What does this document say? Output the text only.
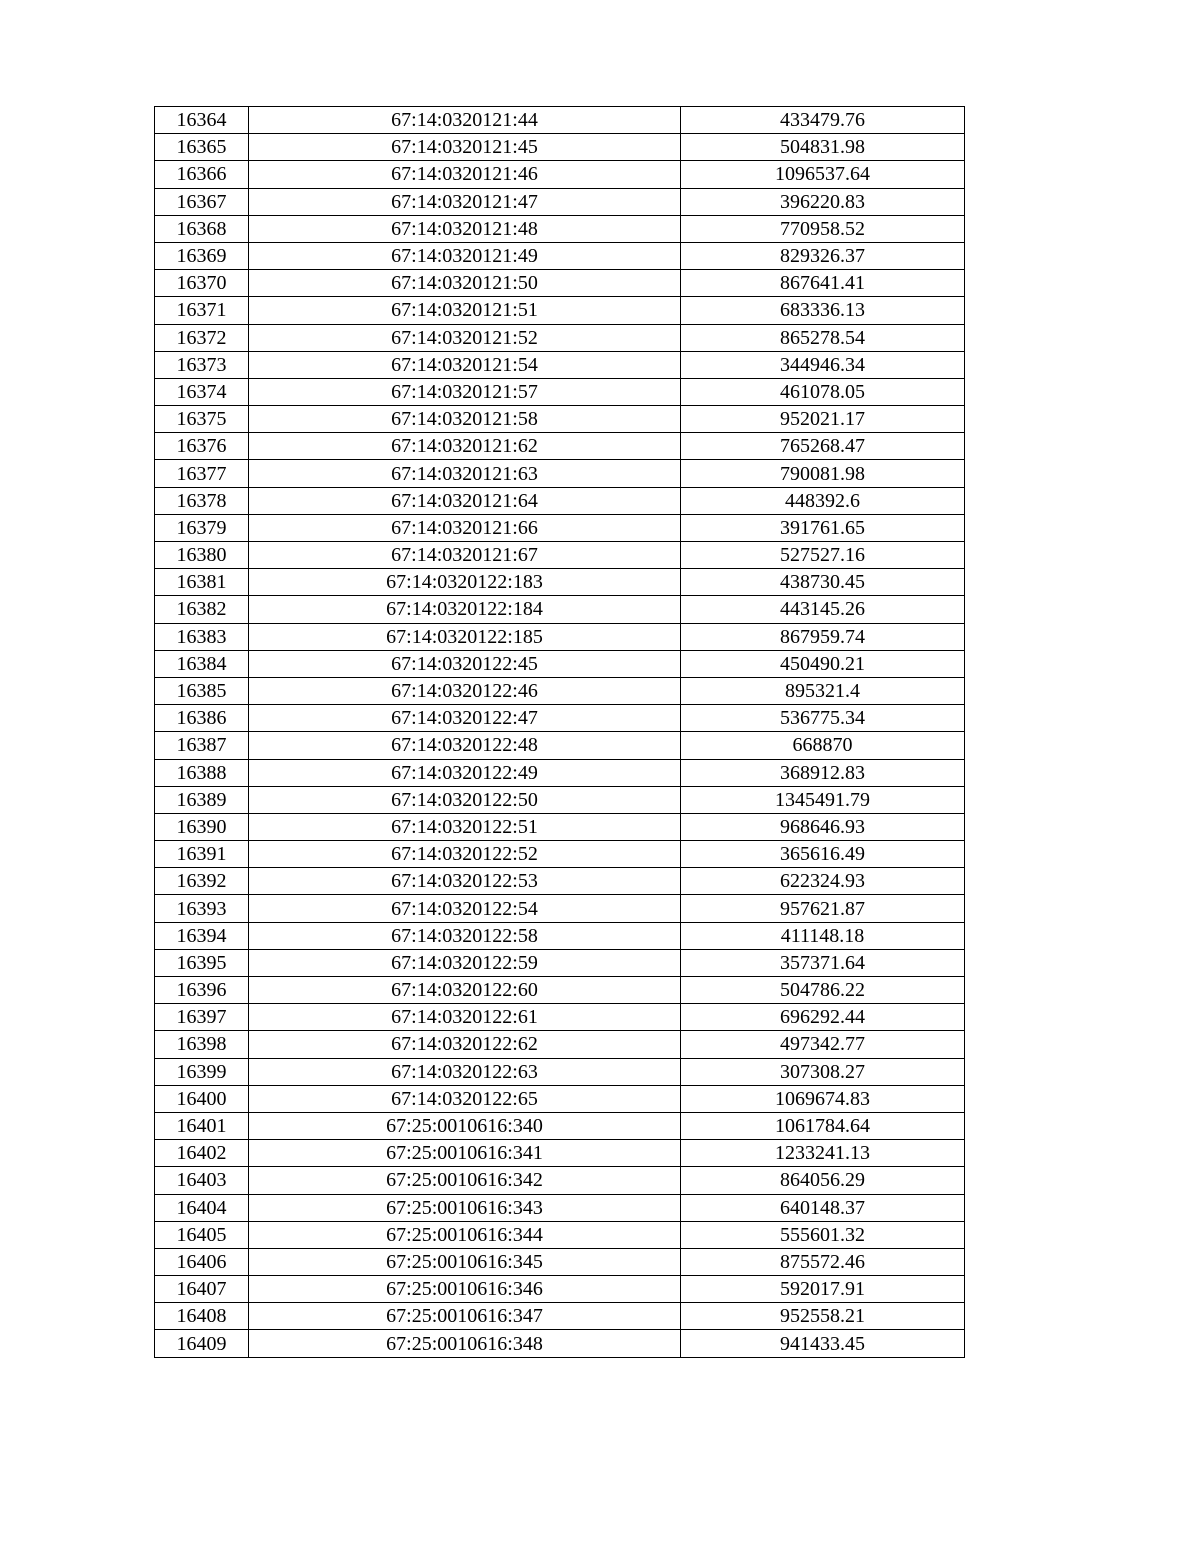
16364	67:14:0320121:44	433479.76
16365	67:14:0320121:45	504831.98
16366	67:14:0320121:46	1096537.64
16367	67:14:0320121:47	396220.83
16368	67:14:0320121:48	770958.52
16369	67:14:0320121:49	829326.37
16370	67:14:0320121:50	867641.41
16371	67:14:0320121:51	683336.13
16372	67:14:0320121:52	865278.54
16373	67:14:0320121:54	344946.34
16374	67:14:0320121:57	461078.05
16375	67:14:0320121:58	952021.17
16376	67:14:0320121:62	765268.47
16377	67:14:0320121:63	790081.98
16378	67:14:0320121:64	448392.6
16379	67:14:0320121:66	391761.65
16380	67:14:0320121:67	527527.16
16381	67:14:0320122:183	438730.45
16382	67:14:0320122:184	443145.26
16383	67:14:0320122:185	867959.74
16384	67:14:0320122:45	450490.21
16385	67:14:0320122:46	895321.4
16386	67:14:0320122:47	536775.34
16387	67:14:0320122:48	668870
16388	67:14:0320122:49	368912.83
16389	67:14:0320122:50	1345491.79
16390	67:14:0320122:51	968646.93
16391	67:14:0320122:52	365616.49
16392	67:14:0320122:53	622324.93
16393	67:14:0320122:54	957621.87
16394	67:14:0320122:58	411148.18
16395	67:14:0320122:59	357371.64
16396	67:14:0320122:60	504786.22
16397	67:14:0320122:61	696292.44
16398	67:14:0320122:62	497342.77
16399	67:14:0320122:63	307308.27
16400	67:14:0320122:65	1069674.83
16401	67:25:0010616:340	1061784.64
16402	67:25:0010616:341	1233241.13
16403	67:25:0010616:342	864056.29
16404	67:25:0010616:343	640148.37
16405	67:25:0010616:344	555601.32
16406	67:25:0010616:345	875572.46
16407	67:25:0010616:346	592017.91
16408	67:25:0010616:347	952558.21
16409	67:25:0010616:348	941433.45
